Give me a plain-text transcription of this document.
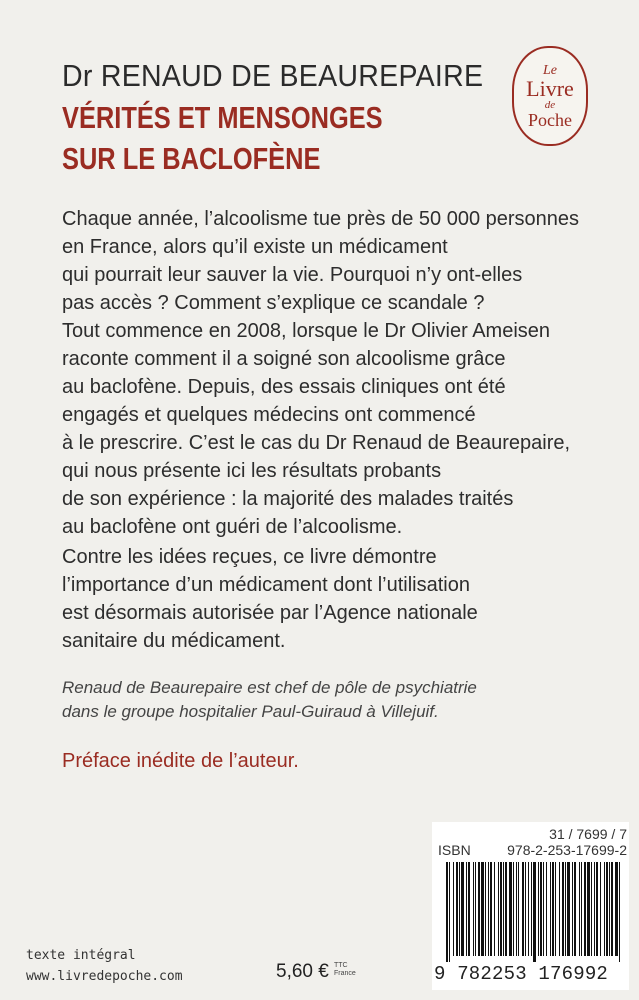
Dr RENAUD DE BEAUREPAIRE
VÉRITÉS ET MENSONGES
SUR LE BACLOFÈNE
Le
Livre
de
Poche
Chaque année, l’alcoolisme tue près de 50 000 personnes
en France, alors qu’il existe un médicament
qui pourrait leur sauver la vie. Pourquoi n’y ont-elles
pas accès ? Comment s’explique ce scandale ?
Tout commence en 2008, lorsque le Dr Olivier Ameisen
raconte comment il a soigné son alcoolisme grâce
au baclofène. Depuis, des essais cliniques ont été
engagés et quelques médecins ont commencé
à le prescrire. C’est le cas du Dr Renaud de Beaurepaire,
qui nous présente ici les résultats probants
de son expérience : la majorité des malades traités
au baclofène ont guéri de l’alcoolisme.
Contre les idées reçues, ce livre démontre
l’importance d’un médicament dont l’utilisation
est désormais autorisée par l’Agence nationale
sanitaire du médicament.
Renaud de Beaurepaire est chef de pôle de psychiatrie
dans le groupe hospitalier Paul-Guiraud à Villejuif.
Préface inédite de l’auteur.
31 / 7699 / 7
ISBN	978-2-253-17699-2
9 782253 176992
texte intégral
www.livredepoche.com	5,60 € TTC
France
